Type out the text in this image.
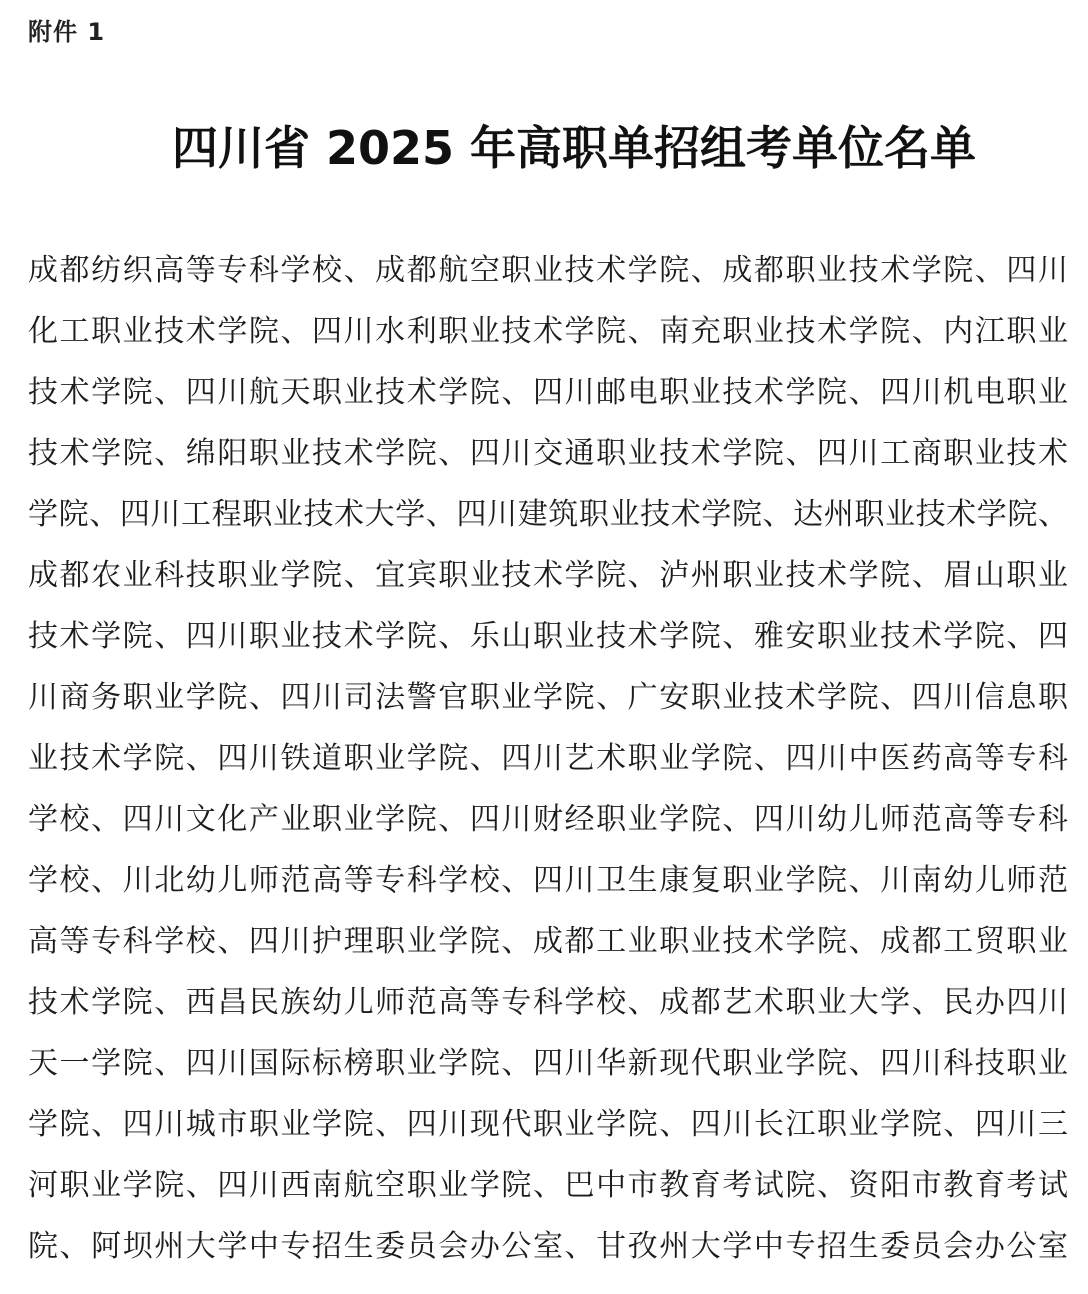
附件 1
四川省 2025 年高职单招组考单位名单
成都纺织高等专科学校、成都航空职业技术学院、成都职业技术学院、四川
化工职业技术学院、四川水利职业技术学院、南充职业技术学院、内江职业
技术学院、四川航天职业技术学院、四川邮电职业技术学院、四川机电职业
技术学院、绵阳职业技术学院、四川交通职业技术学院、四川工商职业技术
学院、四川工程职业技术大学、四川建筑职业技术学院、达州职业技术学院、
成都农业科技职业学院、宜宾职业技术学院、泸州职业技术学院、眉山职业
技术学院、四川职业技术学院、乐山职业技术学院、雅安职业技术学院、四
川商务职业学院、四川司法警官职业学院、广安职业技术学院、四川信息职
业技术学院、四川铁道职业学院、四川艺术职业学院、四川中医药高等专科
学校、四川文化产业职业学院、四川财经职业学院、四川幼儿师范高等专科
学校、川北幼儿师范高等专科学校、四川卫生康复职业学院、川南幼儿师范
高等专科学校、四川护理职业学院、成都工业职业技术学院、成都工贸职业
技术学院、西昌民族幼儿师范高等专科学校、成都艺术职业大学、民办四川
天一学院、四川国际标榜职业学院、四川华新现代职业学院、四川科技职业
学院、四川城市职业学院、四川现代职业学院、四川长江职业学院、四川三
河职业学院、四川西南航空职业学院、巴中市教育考试院、资阳市教育考试
院、阿坝州大学中专招生委员会办公室、甘孜州大学中专招生委员会办公室
